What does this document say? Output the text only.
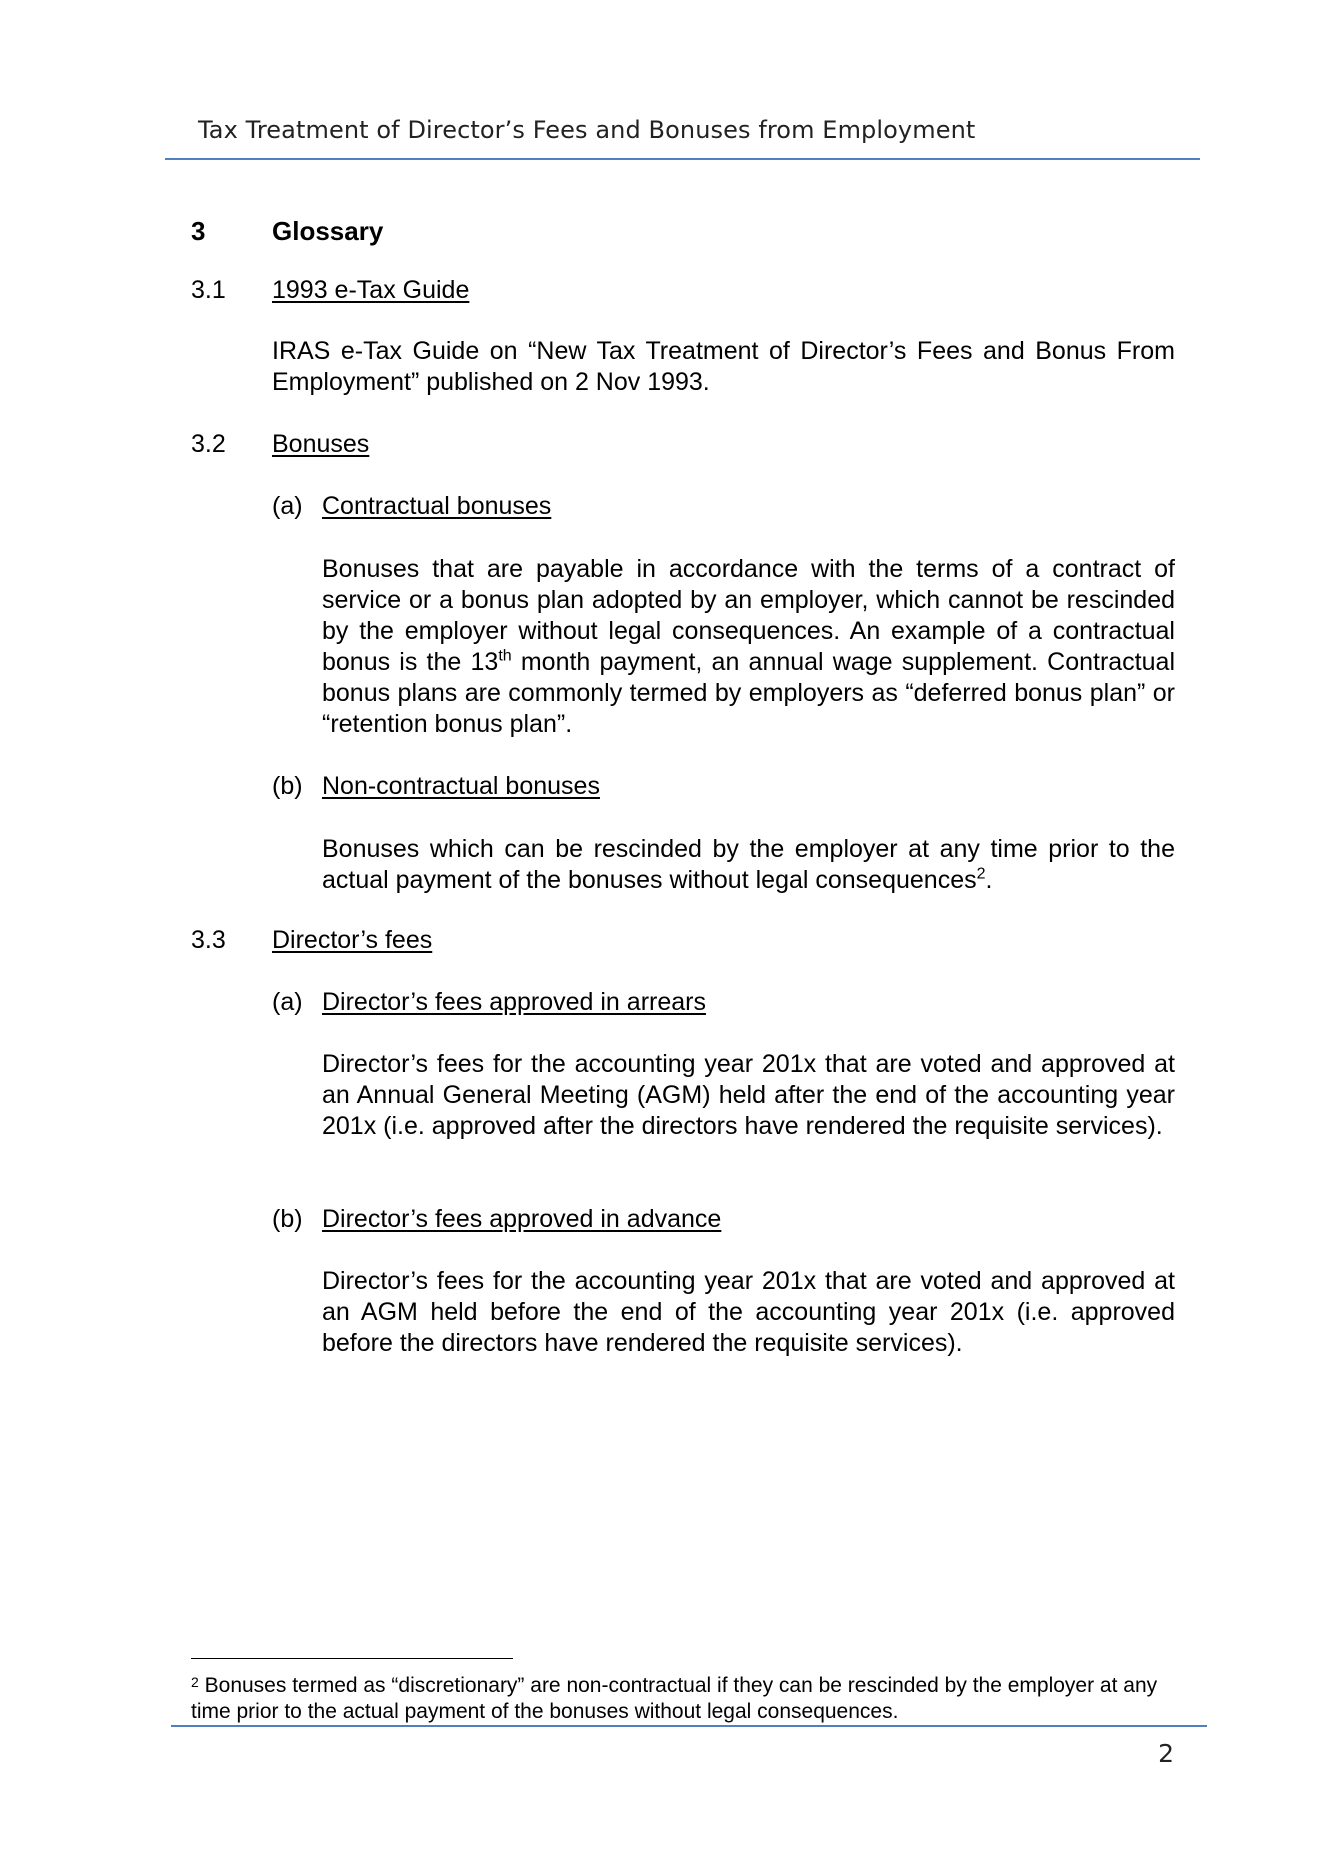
Tax Treatment of Director’s Fees and Bonuses from Employment
3	Glossary
3.1 1993 e-Tax Guide
IRAS e-Tax Guide on “New Tax Treatment of Director’s Fees and Bonus From Employment” published on 2 Nov 1993.
3.2 Bonuses
(a) Contractual bonuses
Bonuses that are payable in accordance with the terms of a contract of service or a bonus plan adopted by an employer, which cannot be rescinded by the employer without legal consequences. An example of a contractual bonus is the 13th month payment, an annual wage supplement. Contractual bonus plans are commonly termed by employers as “deferred bonus plan” or “retention bonus plan”.
(b) Non-contractual bonuses
Bonuses which can be rescinded by the employer at any time prior to the actual payment of the bonuses without legal consequences$^2$.
3.3 Director’s fees
(a) Director’s fees approved in arrears
Director’s fees for the accounting year 201x that are voted and approved at an Annual General Meeting (AGM) held after the end of the accounting year 201x (i.e. approved after the directors have rendered the requisite services).
(b) Director’s fees approved in advance
Director’s fees for the accounting year 201x that are voted and approved at an AGM held before the end of the accounting year 201x (i.e. approved before the directors have rendered the requisite services).
$^2$ Bonuses termed as “discretionary” are non-contractual if they can be rescinded by the employer at any time prior to the actual payment of the bonuses without legal consequences.
2
